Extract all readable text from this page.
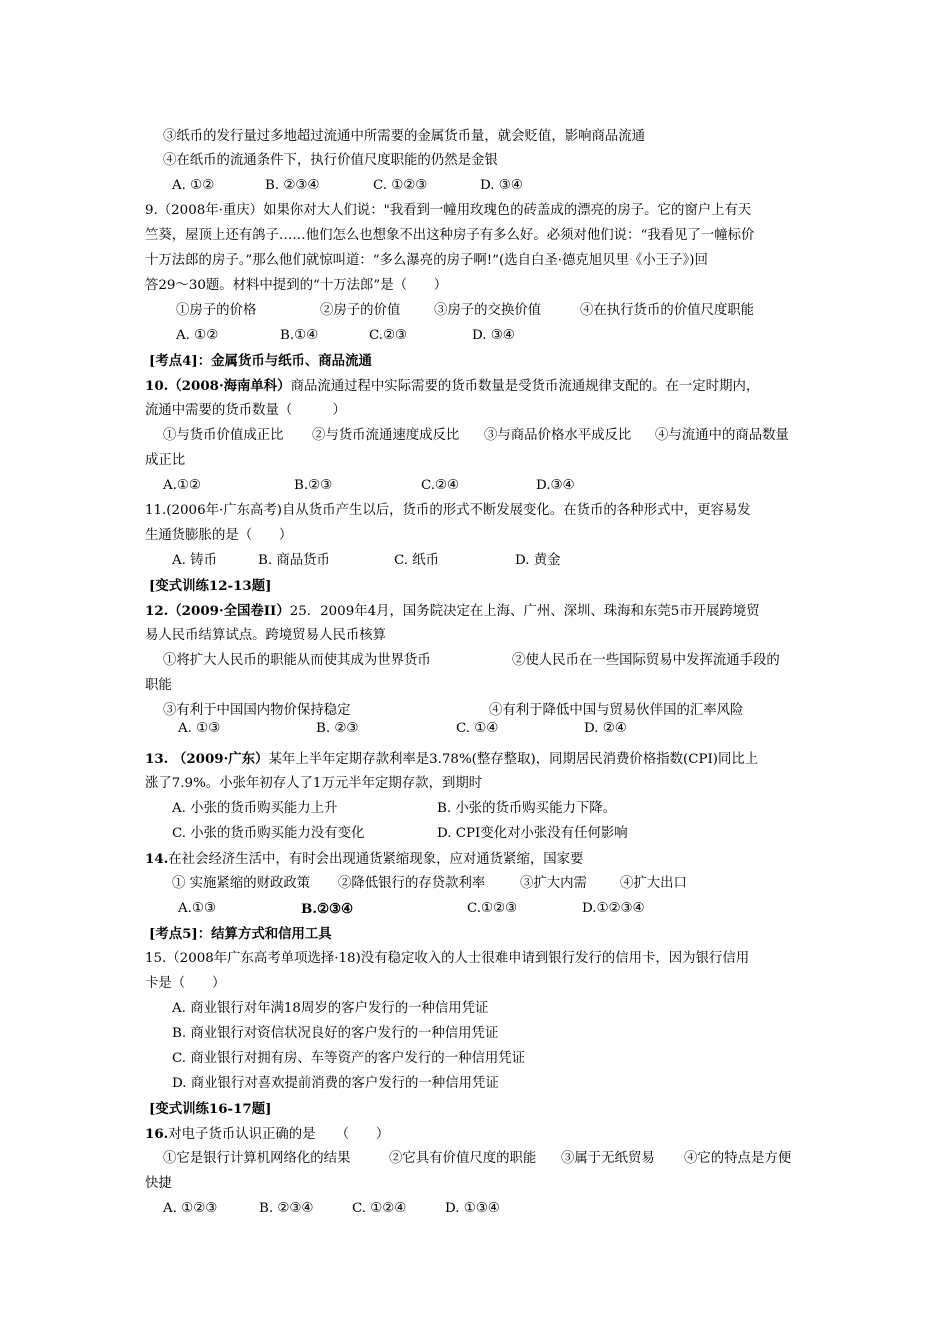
③纸币的发行量过多地超过流通中所需要的金属货币量，就会贬值，影响商品流通
④在纸币的流通条件下，执行价值尺度职能的仍然是金银
A. ①②	B. ②③④	C. ①②③	D. ③④
9.（2008年·重庆）如果你对大人们说："我看到一幢用玫瑰色的砖盖成的漂亮的房子。它的窗户上有天
竺葵，屋顶上还有鸽子……他们怎么也想象不出这种房子有多么好。必须对他们说：“我看见了一幢标价
十万法郎的房子。”那么他们就惊叫道：“多么瀑亮的房子啊!”(选自白圣·德克旭贝里《小王子》)回
答29～30题。材料中提到的“十万法郎”是（　　）
①房子的价格	②房子的价值	③房子的交换价值	④在执行货币的价值尺度职能
A. ①②	B.①④	C.②③	D. ③④
[考点4]：金属货币与纸币、商品流通
10.（2008·海南单科）商品流通过程中实际需要的货币数量是受货币流通规律支配的。在一定时期内，
流通中需要的货币数量（　　　）
①与货币价值成正比 ②与货币流通速度成反比 ③与商品价格水平成反比 ④与流通中的商品数量
成正比
A.①②	B.②③	C.②④	D.③④
11.(2006年·广东高考)自从货币产生以后，货币的形式不断发展变化。在货币的各种形式中，更容易发
生通货膨胀的是（　　）
A. 铸币	B. 商品货币	C. 纸币	D. 黄金
[变式训练12-13题]
12.（2009·全国卷II）25．2009年4月，国务院决定在上海、广州、深圳、珠海和东莞5市开展跨境贸
易人民币结算试点。跨境贸易人民币核算
①将扩大人民币的职能从而使其成为世界货币	②使人民币在一些国际贸易中发挥流通手段的
职能
③有利于中国国内物价保持稳定	④有利于降低中国与贸易伙伴国的汇率风险
A. ①③	B. ②③	C. ①④	D. ②④
13. （2009·广东）某年上半年定期存款利率是3.78%(整存整取)，同期居民消费价格指数(CPI)同比上
涨了7.9%。小张年初存人了1万元半年定期存款，到期时
A. 小张的货币购买能力上升	B. 小张的货币购买能力下降。
C. 小张的货币购买能力没有变化	D. CPI变化对小张没有任何影响
14.在社会经济生活中，有时会出现通货紧缩现象，应对通货紧缩，国家要
① 实施紧缩的财政政策 ②降低银行的存贷款利率	③扩大内需 ④扩大出口
A.①③	B.②③④	C.①②③	D.①②③④
[考点5]：结算方式和信用工具
15.（2008年广东高考单项选择·18)没有稳定收入的人士很难申请到银行发行的信用卡，因为银行信用
卡是（　　）
A. 商业银行对年满18周岁的客户发行的一种信用凭证
B. 商业银行对资信状况良好的客户发行的一种信用凭证
C. 商业银行对拥有房、车等资产的客户发行的一种信用凭证
D. 商业银行对喜欢提前消费的客户发行的一种信用凭证
[变式训练16-17题]
16.对电子货币认识正确的是　　（　　）
①它是银行计算机网络化的结果	②它具有价值尺度的职能 ③属于无纸贸易 ④它的特点是方便
快捷
A. ①②③	B. ②③④	C. ①②④	D. ①③④
